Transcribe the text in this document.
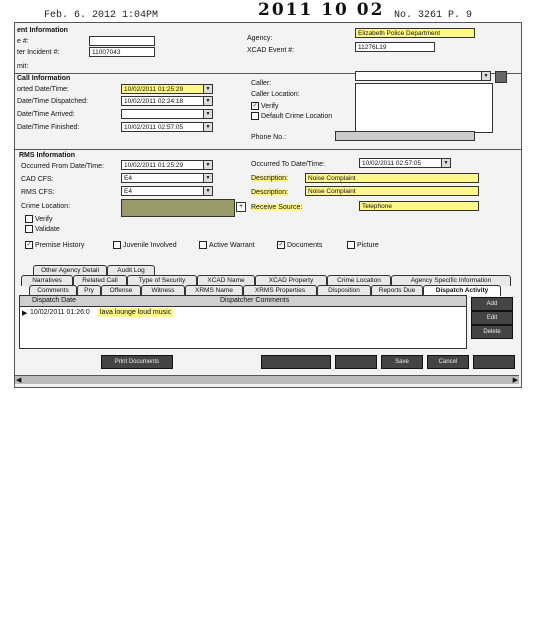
Feb. 6. 2012 1:04PM	No. 3261 P. 9
2011 10 02
ent Information
e #:
ter Incident #:	11007043
mit:
Agency:
Elizabeth Police Department
XCAD Event #:	11276L19
Call Information
orted Date/Time:	10/02/2011 01:25:29	▼
Date/Time Dispatched:	10/02/2011 02:24:18	▼
Date/Time Arrived:	▼
Date/Time Finished:	10/02/2011 02:57:05	▼
Caller:
▼
Caller Location:
✓ Verify
Default Crime Location
Phone No.:
RMS Information
Occurred From Date/Time:	10/02/2011 01:25:29	▼
CAD CFS:	E4	▼
RMS CFS:	E4	▼
Crime Location:	+
Verify
Validate
Occurred To Date/Time:	10/02/2011 02:57:05	▼
Description:	Noise Complaint
Description:	Noise Complaint
Receive Source:	Telephone
✓ Premise History	Juvenile Involved	Active Warrant	✓ Documents	Picture
Other Agency Detail	Audit Log
Narratives	Related Call	Type of Security	XCAD Name	XCAD Property	Crime Location	Agency Specific Information
Comments	Pry	Offense	Witness	XRMS Name	XRMS Properties	Disposition	Reports Due	Dispatch Activity
Dispatch Date	Dispatcher Comments
▶ 10/02/2011 01:26:0 lava lounge loud music
Add
Edit
Delete
Print Documents	Save	Cancel
◀	▶
